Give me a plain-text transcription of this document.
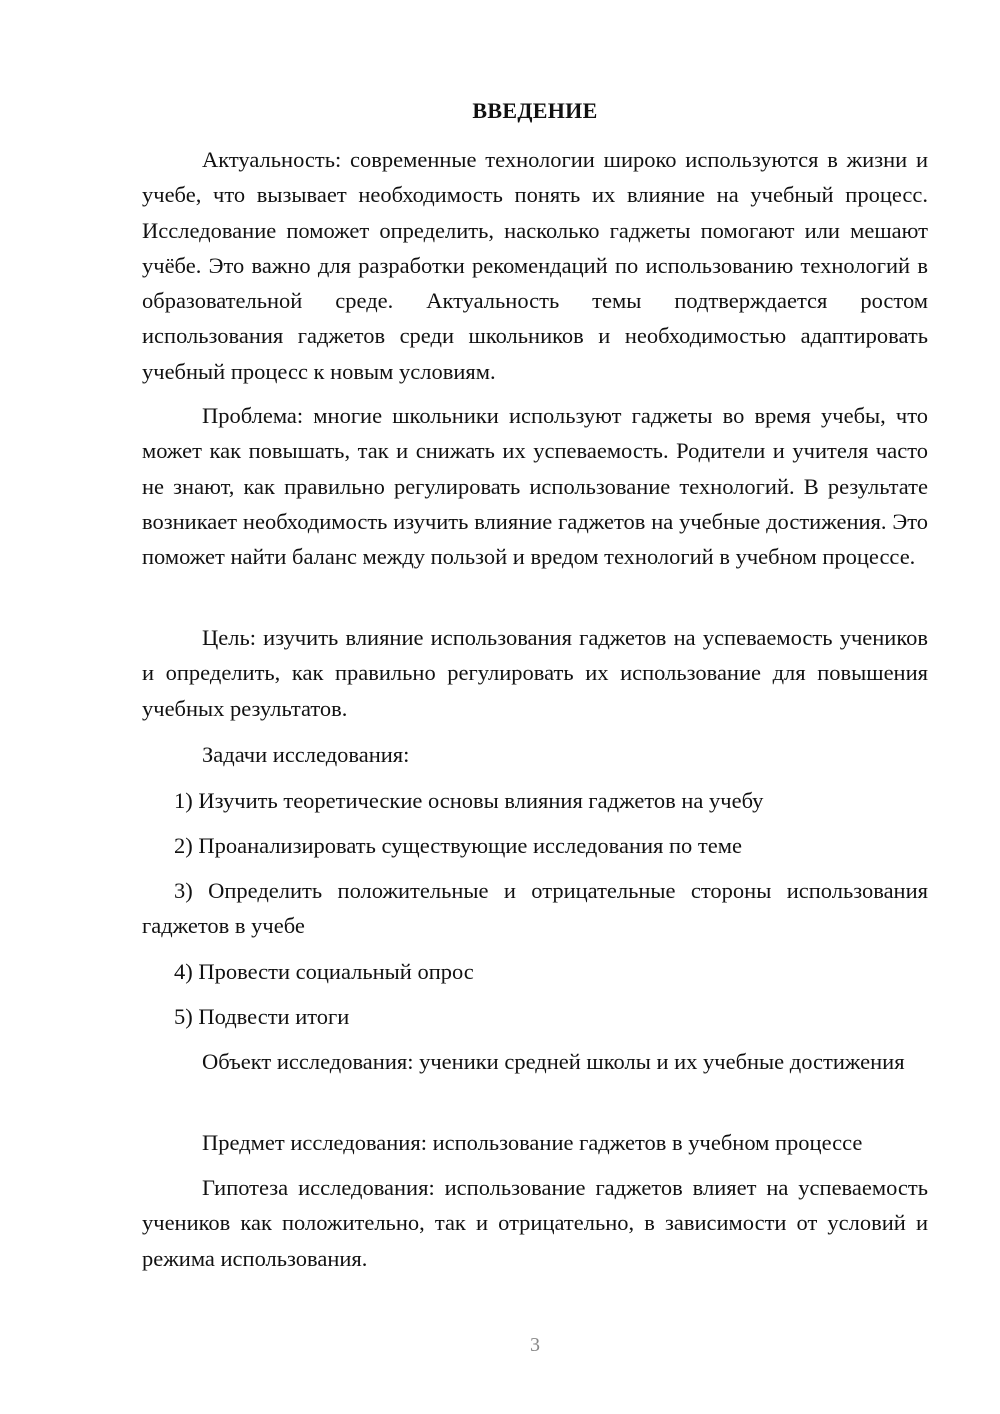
ВВЕДЕНИЕ

Актуальность: современные технологии широко используются в жизни и учебе, что вызывает необходимость понять их влияние на учебный процесс. Исследование поможет определить, насколько гаджеты помогают или мешают учёбе. Это важно для разработки рекомендаций по использованию технологий в образовательной среде. Актуальность темы подтверждается ростом использования гаджетов среди школьников и необходимостью адаптировать учебный процесс к новым условиям.

Проблема: многие школьники используют гаджеты во время учебы, что может как повышать, так и снижать их успеваемость. Родители и учителя часто не знают, как правильно регулировать использование технологий. В результате возникает необходимость изучить влияние гаджетов на учебные достижения. Это поможет найти баланс между пользой и вредом технологий в учебном процессе.

Цель: изучить влияние использования гаджетов на успеваемость учеников и определить, как правильно регулировать их использование для повышения учебных результатов.

Задачи исследования:

1) Изучить теоретические основы влияния гаджетов на учебу

2) Проанализировать существующие исследования по теме

3) Определить положительные и отрицательные стороны использования гаджетов в учебе

4) Провести социальный опрос

5) Подвести итоги

Объект исследования: ученики средней школы и их учебные достижения

Предмет исследования: использование гаджетов в учебном процессе

Гипотеза исследования: использование гаджетов влияет на успеваемость учеников как положительно, так и отрицательно, в зависимости от условий и режима использования.

3
